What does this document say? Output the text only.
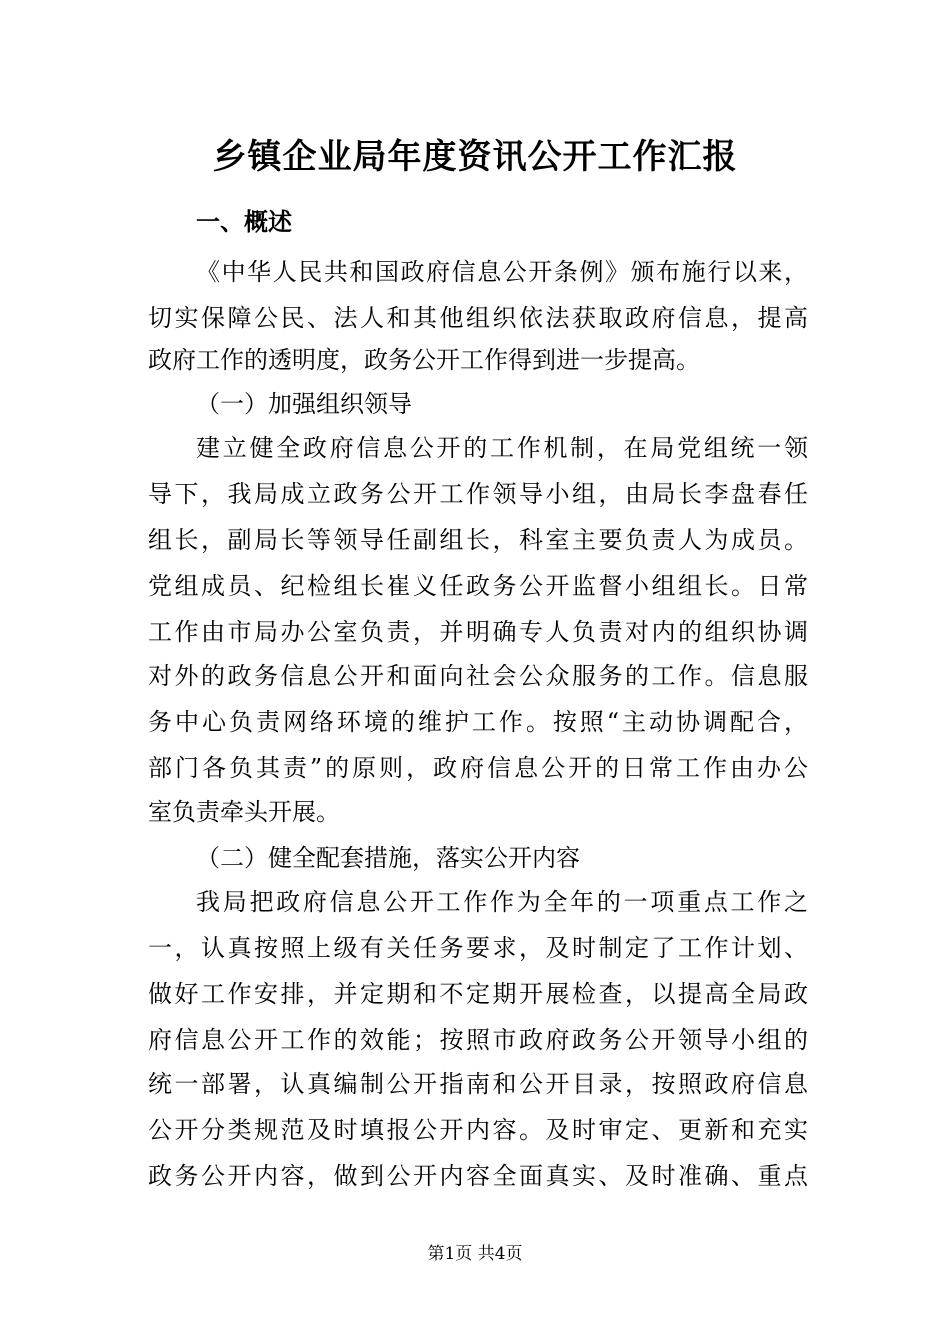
乡镇企业局年度资讯公开工作汇报
一、概述
《中华人民共和国政府信息公开条例》颁布施行以来，
切实保障公民、法人和其他组织依法获取政府信息，提高
政府工作的透明度，政务公开工作得到进一步提高。
（一）加强组织领导
建立健全政府信息公开的工作机制，在局党组统一领
导下，我局成立政务公开工作领导小组，由局长李盘春任
组长，副局长等领导任副组长，科室主要负责人为成员。
党组成员、纪检组长崔义任政务公开监督小组组长。日常
工作由市局办公室负责，并明确专人负责对内的组织协调
对外的政务信息公开和面向社会公众服务的工作。信息服
务中心负责网络环境的维护工作。按照“主动协调配合，
部门各负其责”的原则，政府信息公开的日常工作由办公
室负责牵头开展。
（二）健全配套措施，落实公开内容
我局把政府信息公开工作作为全年的一项重点工作之
一，认真按照上级有关任务要求，及时制定了工作计划、
做好工作安排，并定期和不定期开展检查，以提高全局政
府信息公开工作的效能；按照市政府政务公开领导小组的
统一部署，认真编制公开指南和公开目录，按照政府信息
公开分类规范及时填报公开内容。及时审定、更新和充实
政务公开内容，做到公开内容全面真实、及时准确、重点
第1页 共4页
